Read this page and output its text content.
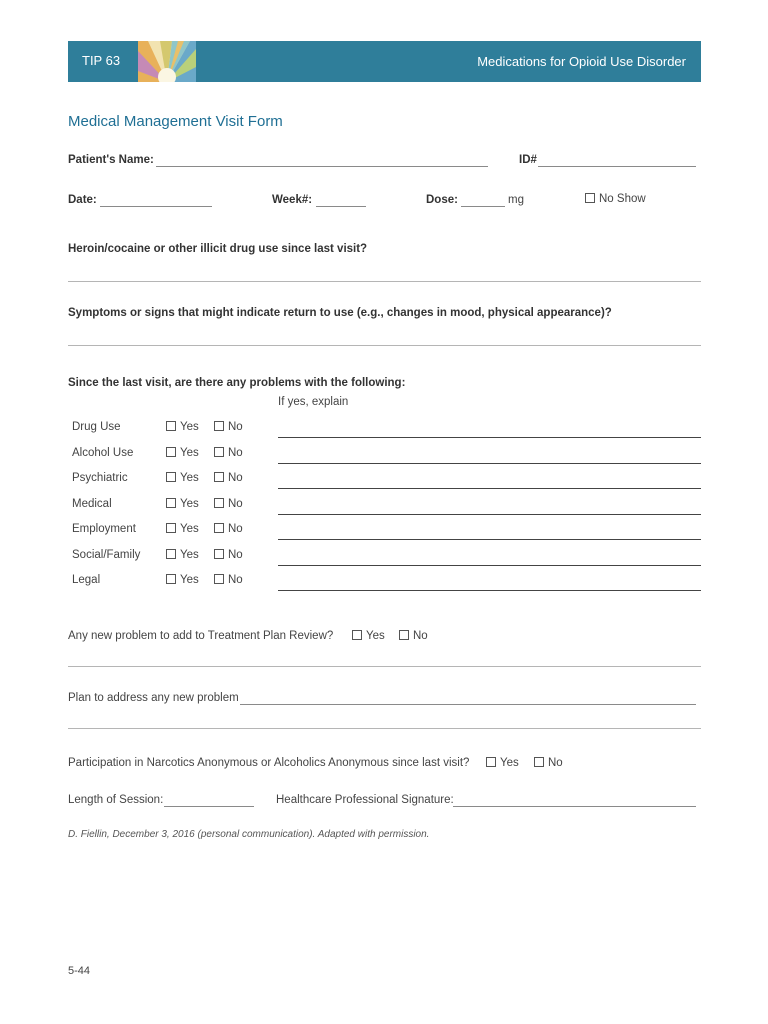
TIP 63	Medications for Opioid Use Disorder
Medical Management Visit Form
Patient's Name:	ID#
Date:	Week#:	Dose:	mg	No Show
Heroin/cocaine or other illicit drug use since last visit?
Symptoms or signs that might indicate return to use (e.g., changes in mood, physical appearance)?
Since the last visit, are there any problems with the following:
If yes, explain
Drug Use	Yes	No
Alcohol Use	Yes	No
Psychiatric	Yes	No
Medical	Yes	No
Employment	Yes	No
Social/Family	Yes	No
Legal	Yes	No
Any new problem to add to Treatment Plan Review?	Yes	No
Plan to address any new problem
Participation in Narcotics Anonymous or Alcoholics Anonymous since last visit?	Yes	No
Length of Session:	Healthcare Professional Signature:
D. Fiellin, December 3, 2016 (personal communication). Adapted with permission.
5-44
